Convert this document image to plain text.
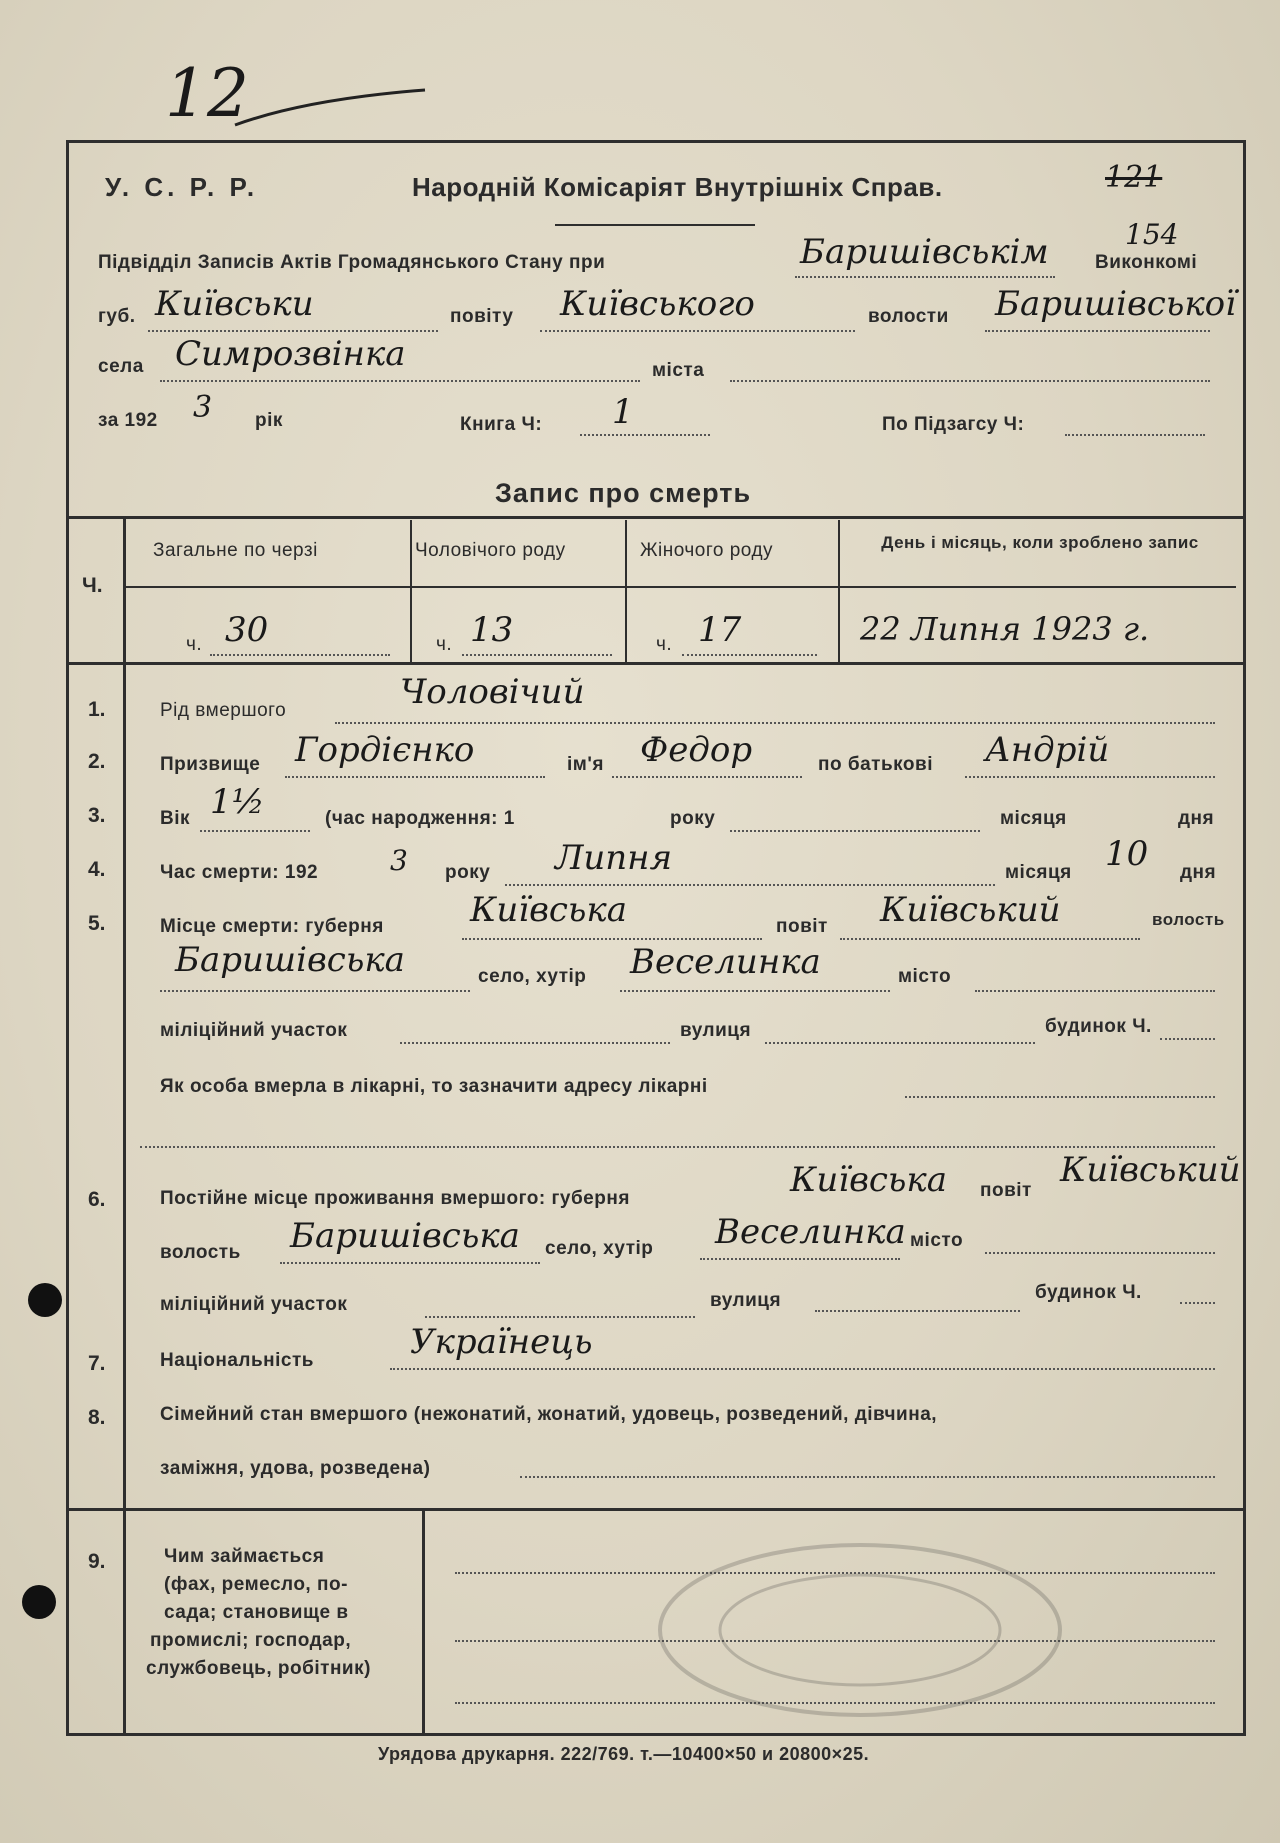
12
У. С. Р. Р.	Народній Комісаріят Внутрішніх Справ.	121
154
Підвідділ Записів Актів Громадянського Стану при	Баришівськім Виконкомі
губ. Київськи	повіту Київського	волости Баришівської
села Симрозвінка	міста
за 192 3 рік	Книга Ч: 1	По Підзагсу Ч:
Запис про смерть
Ч.
Загальне по черзі	Чоловічого роду	Жіночого роду	День і місяць, коли зроблено запис
ч. 30	ч. 13	ч. 17	22 Липня 1923 г.
1.
2.
3.
4.
5.
6.
7.
8.
9.
Рід вмершого	Чоловічий
Призвище Гордієнко	ім'я Федор	по батькові Андрій
Вік 1½	(час народження: 1	року	місяця	дня
Час смерти: 192	3 року Липня	місяця 10 дня
Місце смерти: губерня	Київська	повіт Київський	волость
Баришівська	село, хутір Веселинка	місто
міліційний участок	вулиця	будинок Ч.
Як особа вмерла в лікарні, то зазначити адресу лікарні
Постійне місце проживання вмершого: губерня	Київська повіт
Київський
волость Баришівська село, хутір Веселинка місто
міліційний участок	вулиця	будинок Ч.
Національність	Українець
Сімейний стан вмершого (нежонатий, жонатий, удовець, розведений, дівчина,
заміжня, удова, розведена)
Чим займається
(фах, ремесло, по-
сада; становище в
промислі; господар,
службовець, робітник)
Урядова друкарня. 222/769. т.—10400×50 и 20800×25.
